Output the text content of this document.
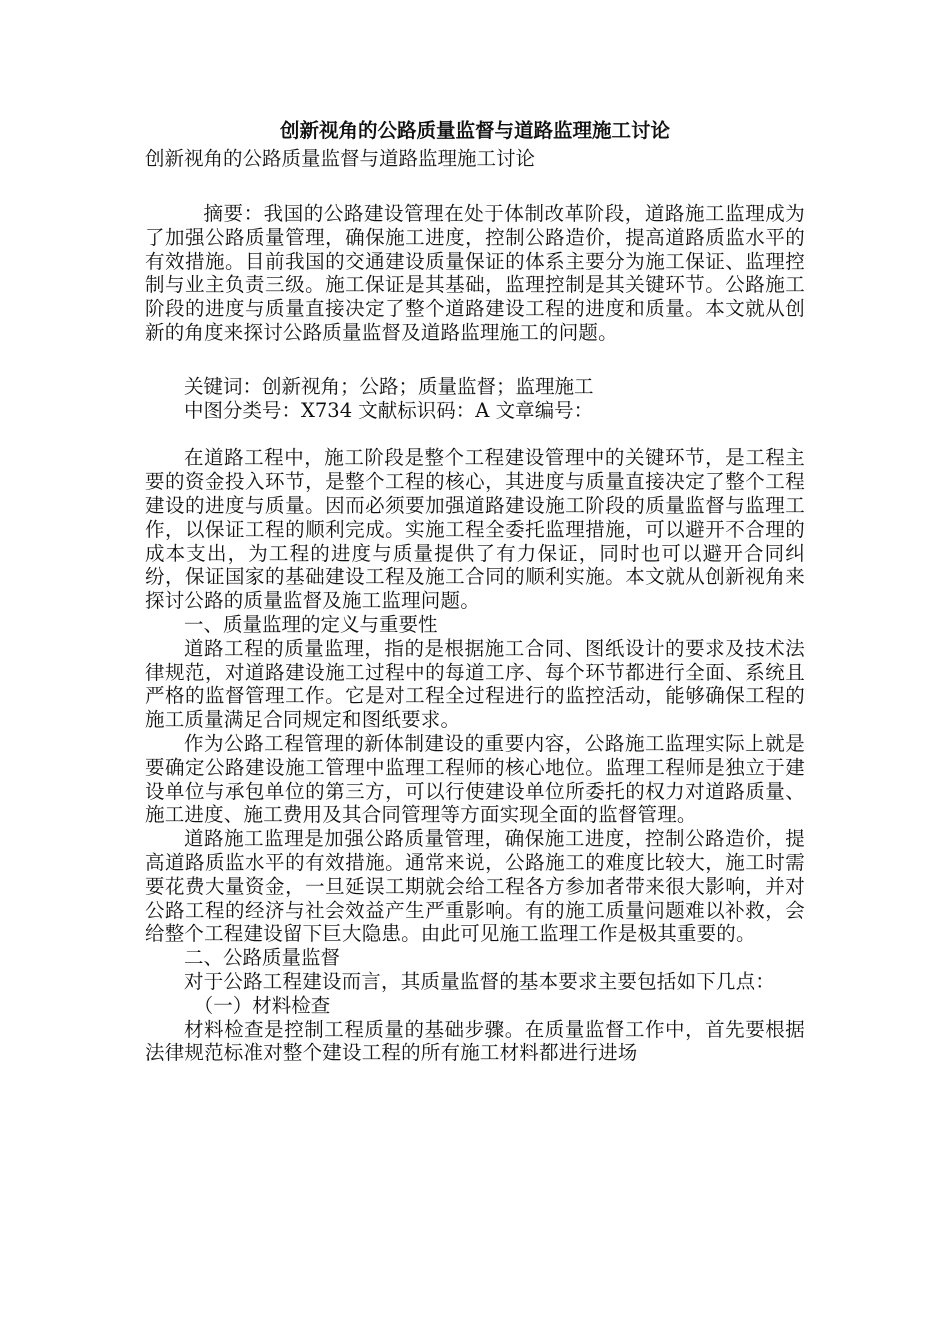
创新视角的公路质量监督与道路监理施工讨论
创新视角的公路质量监督与道路监理施工讨论

摘要：我国的公路建设管理在处于体制改革阶段，道路施工监理成为了加强公路质量管理，确保施工进度，控制公路造价，提高道路质监水平的有效措施。目前我国的交通建设质量保证的体系主要分为施工保证、监理控制与业主负责三级。施工保证是其基础，监理控制是其关键环节。公路施工阶段的进度与质量直接决定了整个道路建设工程的进度和质量。本文就从创新的角度来探讨公路质量监督及道路监理施工的问题。

关键词：创新视角；公路；质量监督；监理施工

中图分类号：X734 文献标识码：A 文章编号：

在道路工程中，施工阶段是整个工程建设管理中的关键环节，是工程主要的资金投入环节，是整个工程的核心，其进度与质量直接决定了整个工程建设的进度与质量。因而必须要加强道路建设施工阶段的质量监督与监理工作，以保证工程的顺利完成。实施工程全委托监理措施，可以避开不合理的成本支出，为工程的进度与质量提供了有力保证，同时也可以避开合同纠纷，保证国家的基础建设工程及施工合同的顺利实施。本文就从创新视角来探讨公路的质量监督及施工监理问题。

一、质量监理的定义与重要性

道路工程的质量监理，指的是根据施工合同、图纸设计的要求及技术法律规范，对道路建设施工过程中的每道工序、每个环节都进行全面、系统且严格的监督管理工作。它是对工程全过程进行的监控活动，能够确保工程的施工质量满足合同规定和图纸要求。

作为公路工程管理的新体制建设的重要内容，公路施工监理实际上就是要确定公路建设施工管理中监理工程师的核心地位。监理工程师是独立于建设单位与承包单位的第三方，可以行使建设单位所委托的权力对道路质量、施工进度、施工费用及其合同管理等方面实现全面的监督管理。

道路施工监理是加强公路质量管理，确保施工进度，控制公路造价，提高道路质监水平的有效措施。通常来说，公路施工的难度比较大，施工时需要花费大量资金，一旦延误工期就会给工程各方参加者带来很大影响，并对公路工程的经济与社会效益产生严重影响。有的施工质量问题难以补救，会给整个工程建设留下巨大隐患。由此可见施工监理工作是极其重要的。

二、公路质量监督

对于公路工程建设而言，其质量监督的基本要求主要包括如下几点：

（一）材料检查

材料检查是控制工程质量的基础步骤。在质量监督工作中，首先要根据法律规范标准对整个建设工程的所有施工材料都进行进场
